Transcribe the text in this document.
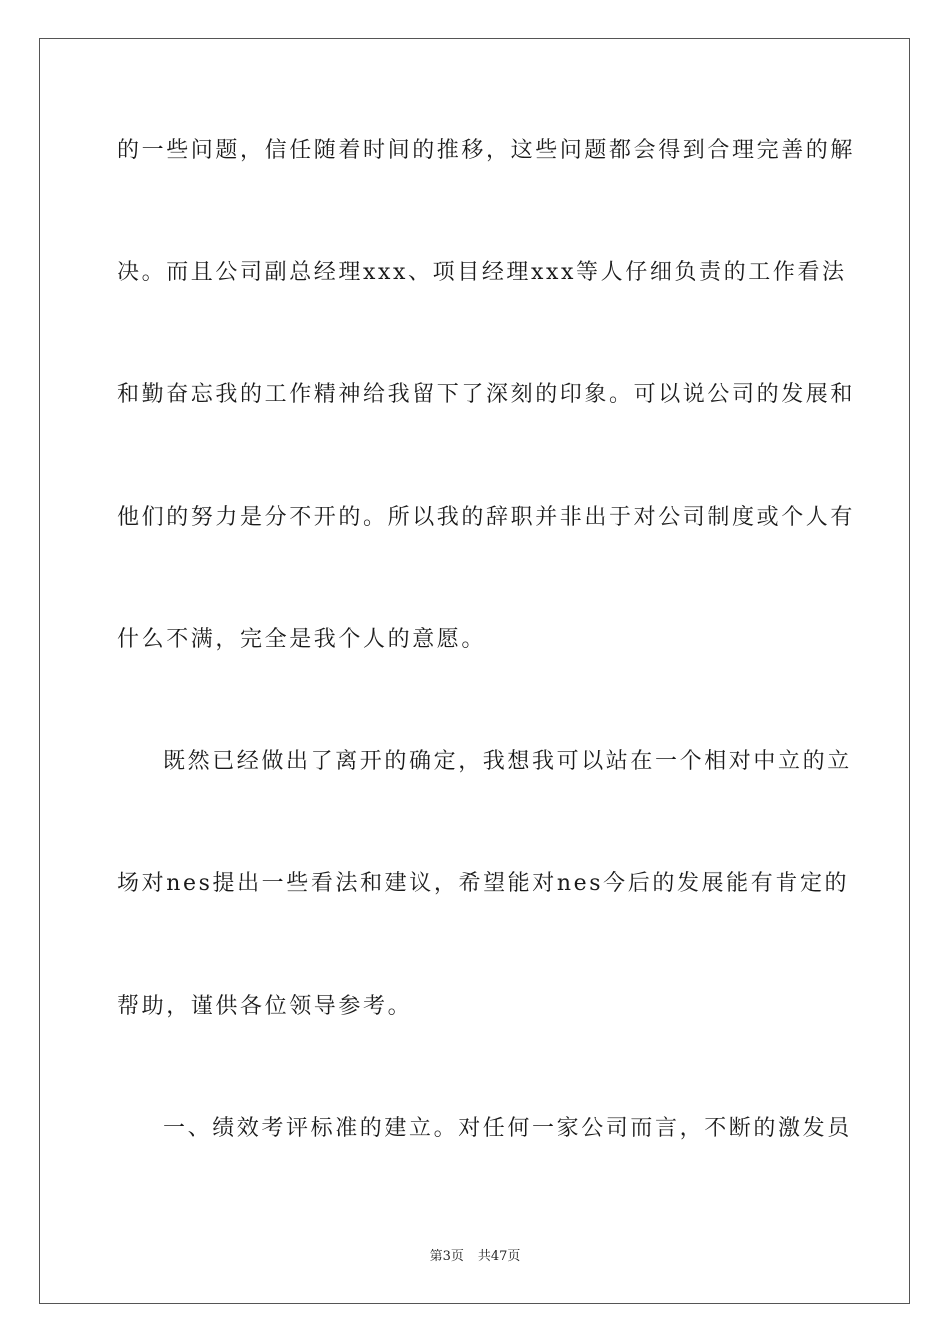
的一些问题，信任随着时间的推移，这些问题都会得到合理完善的解
决。而且公司副总经理xxx、项目经理xxx等人仔细负责的工作看法
和勤奋忘我的工作精神给我留下了深刻的印象。可以说公司的发展和
他们的努力是分不开的。所以我的辞职并非出于对公司制度或个人有
什么不满，完全是我个人的意愿。
既然已经做出了离开的确定，我想我可以站在一个相对中立的立
场对nes提出一些看法和建议，希望能对nes今后的发展能有肯定的
帮助，谨供各位领导参考。
一、绩效考评标准的建立。对任何一家公司而言，不断的激发员
第3页 共47页
